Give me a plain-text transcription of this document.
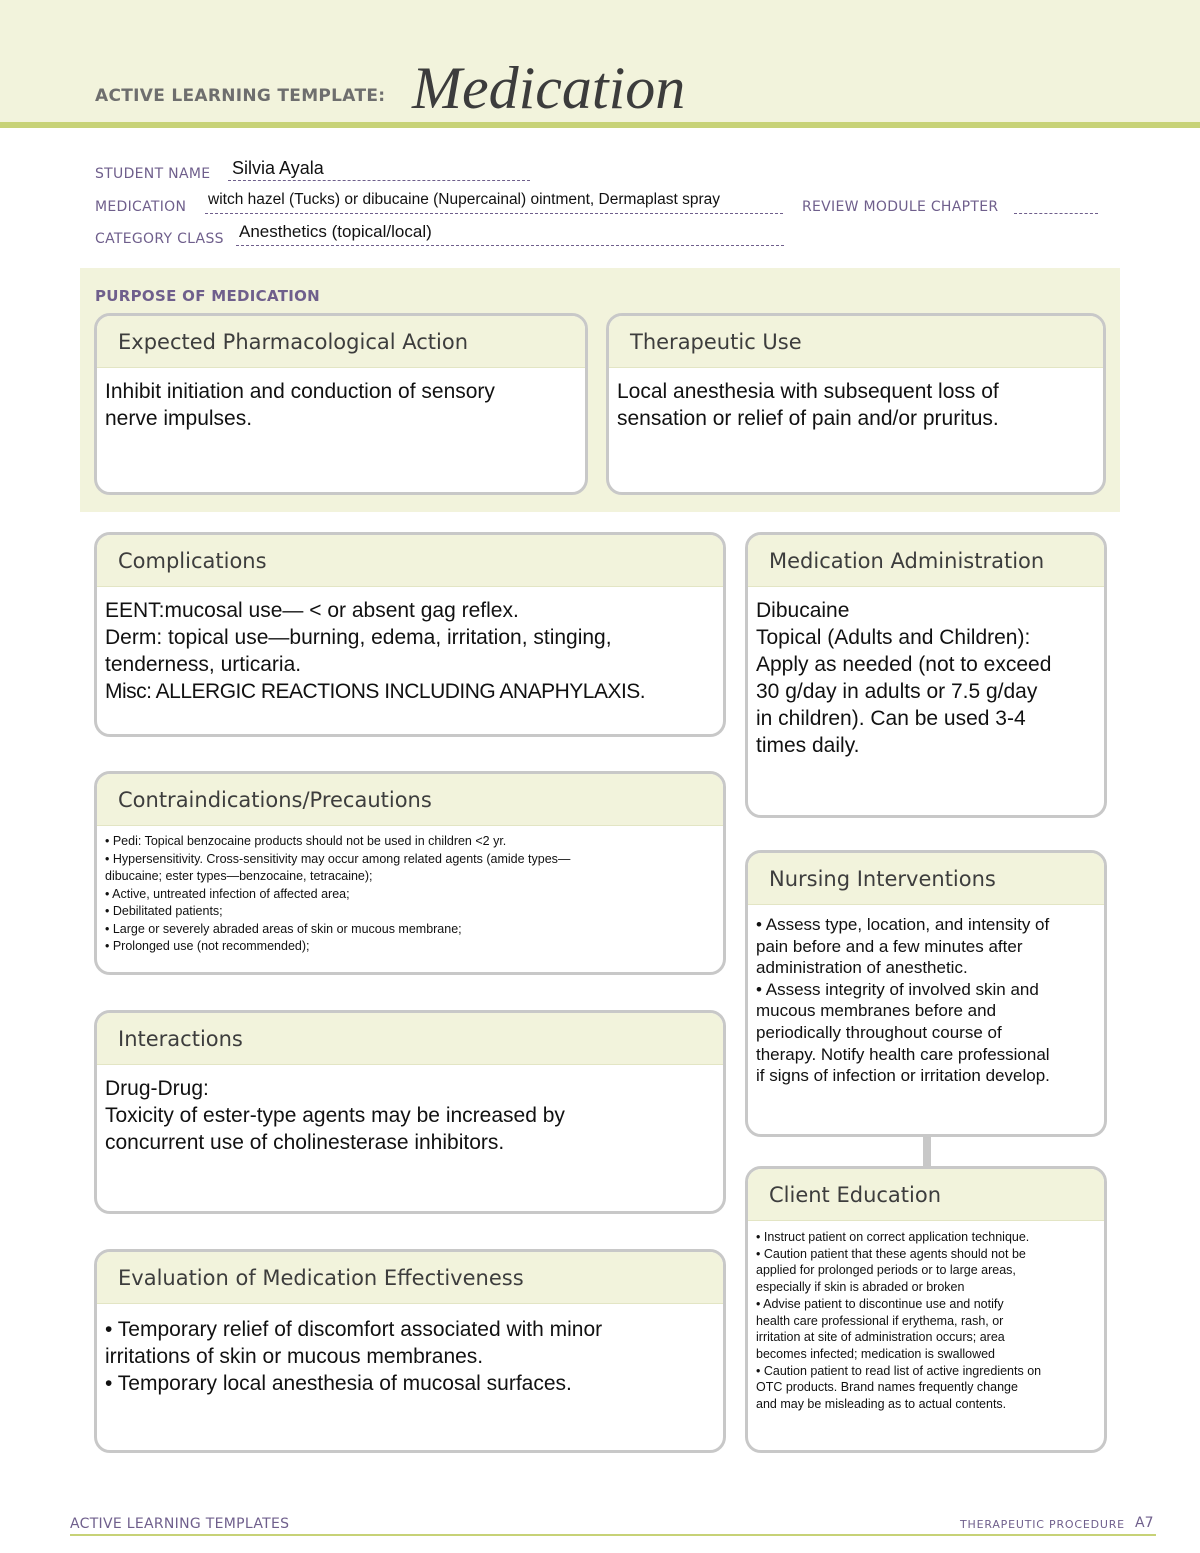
ACTIVE LEARNING TEMPLATE: Medication
STUDENT NAME Silvia Ayala
MEDICATION witch hazel (Tucks) or dibucaine (Nupercainal) ointment, Dermaplast spray	REVIEW MODULE CHAPTER
CATEGORY CLASS Anesthetics (topical/local)
PURPOSE OF MEDICATION
Expected Pharmacological Action
Inhibit initiation and conduction of sensory
nerve impulses.
Therapeutic Use
Local anesthesia with subsequent loss of
sensation or relief of pain and/or pruritus.
Complications
EENT:mucosal use— < or absent gag reflex.
Derm: topical use—burning, edema, irritation, stinging,
tenderness, urticaria.
Misc: ALLERGIC REACTIONS INCLUDING ANAPHYLAXIS.
Medication Administration
Dibucaine
Topical (Adults and Children):
Apply as needed (not to exceed
30 g/day in adults or 7.5 g/day
in children). Can be used 3-4
times daily.
Contraindications/Precautions
• Pedi: Topical benzocaine products should not be used in children <2 yr.
• Hypersensitivity. Cross-sensitivity may occur among related agents (amide types—
dibucaine; ester types—benzocaine, tetracaine);
• Active, untreated infection of affected area;
• Debilitated patients;
• Large or severely abraded areas of skin or mucous membrane;
• Prolonged use (not recommended);
Nursing Interventions
• Assess type, location, and intensity of
pain before and a few minutes after
administration of anesthetic.
• Assess integrity of involved skin and
mucous membranes before and
periodically throughout course of
therapy. Notify health care professional
if signs of infection or irritation develop.
Interactions
Drug-Drug:
Toxicity of ester-type agents may be increased by
concurrent use of cholinesterase inhibitors.
Client Education
• Instruct patient on correct application technique.
• Caution patient that these agents should not be
applied for prolonged periods or to large areas,
especially if skin is abraded or broken
• Advise patient to discontinue use and notify
health care professional if erythema, rash, or
irritation at site of administration occurs; area
becomes infected; medication is swallowed
• Caution patient to read list of active ingredients on
OTC products. Brand names frequently change
and may be misleading as to actual contents.
Evaluation of Medication Effectiveness
• Temporary relief of discomfort associated with minor
irritations of skin or mucous membranes.
• Temporary local anesthesia of mucosal surfaces.
ACTIVE LEARNING TEMPLATES	THERAPEUTIC PROCEDURE A7
